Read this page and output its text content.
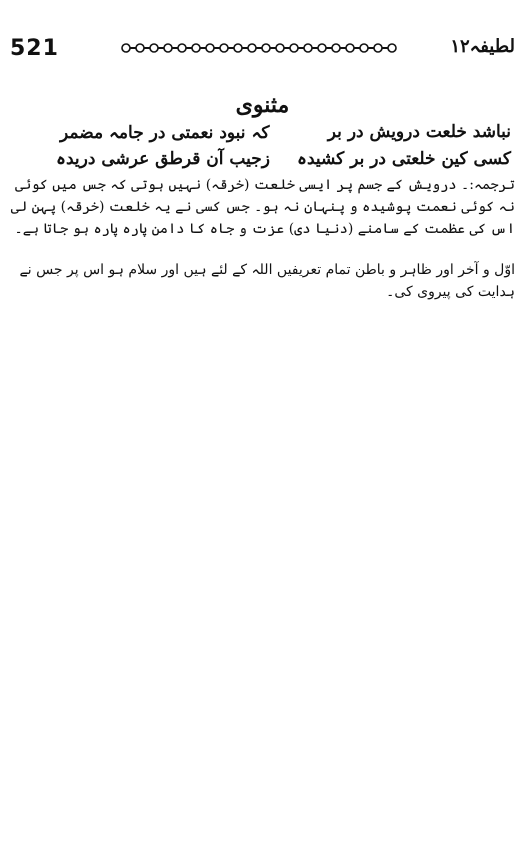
521	لطیفہ۱۲
مثنوی
نباشد خلعت درویش در بر
کہ نبود نعمتی در جامہ مضمر
کسی کین خلعتی در بر کشیدہ
زجیب آن قرطق عرشی دریدہ
ترجمہ:۔ درویش کے جسم پر ایسی خلعت (خرقہ) نہیں ہوتی کہ جس میں کوئی نہ کوئی نعمت پوشیدہ و پنہان نہ ہو۔ جس کسی نے یہ خلعت (خرقہ) پہن لی اس کی عظمت کے سامنے (دنیا دی) عزت و جاہ کا دامن پارہ پارہ ہو جاتا ہے۔
اوّل و آخر اور ظاہر و باطن تمام تعریفیں اللہ کے لئے ہیں اور سلام ہو اس پر جس نے ہدایت کی پیروی کی۔
